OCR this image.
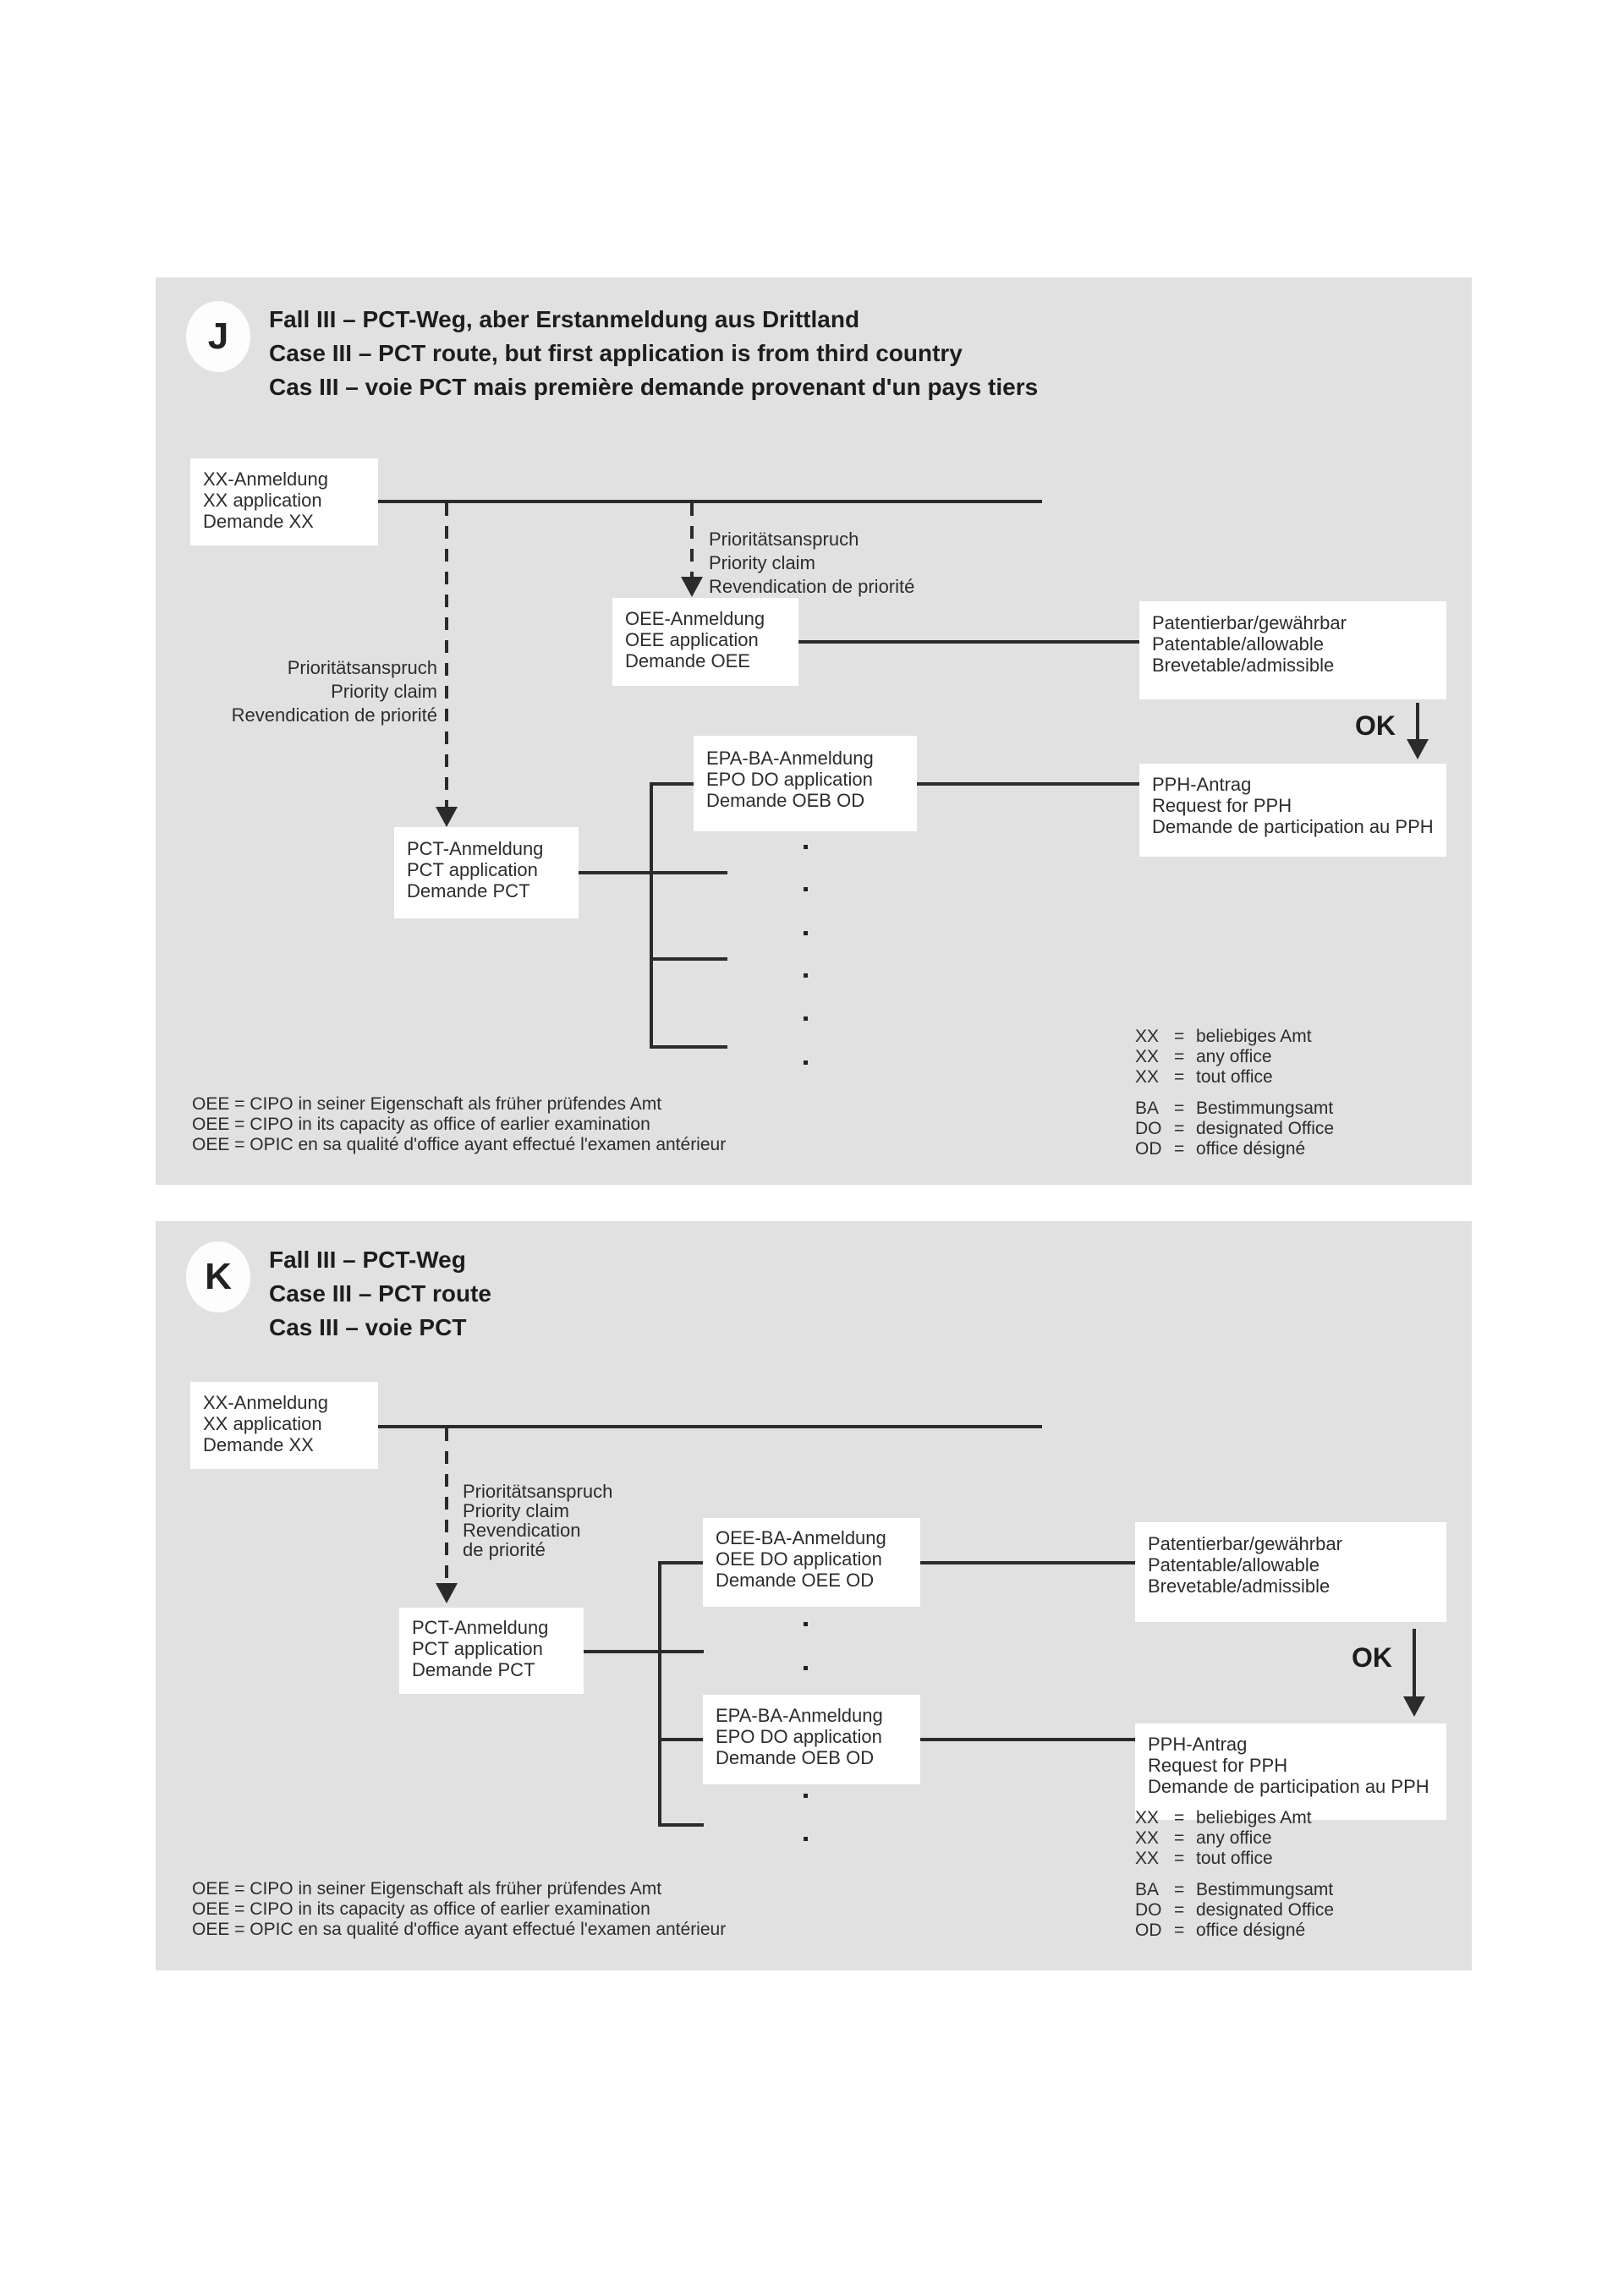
J Fall III – PCT-Weg, aber Erstanmeldung aus Drittland
Case III – PCT route, but first application is from third country
Cas III – voie PCT mais première demande provenant d'un pays tiers
XX-Anmeldung
XX application
Demande XX
Prioritätsanspruch
Priority claim
Revendication de priorité
Prioritätsanspruch
Priority claim
Revendication de priorité
OEE-Anmeldung
OEE application
Demande OEE
Patentierbar/gewährbar
Patentable/allowable
Brevetable/admissible
OK
PPH-Antrag
Request for PPH
Demande de participation au PPH
EPA-BA-Anmeldung
EPO DO application
Demande OEB OD
PCT-Anmeldung
PCT application
Demande PCT
OEE = CIPO in seiner Eigenschaft als früher prüfendes Amt
OEE = CIPO in its capacity as office of earlier examination
OEE = OPIC en sa qualité d'office ayant effectué l'examen antérieur
XX = beliebiges Amt
XX = any office
XX = tout office
BA = Bestimmungsamt
DO = designated Office
OD = office désigné
K Fall III – PCT-Weg
Case III – PCT route
Cas III – voie PCT
XX-Anmeldung
XX application
Demande XX
Prioritätsanspruch
Priority claim
Revendication
de priorité
PCT-Anmeldung
PCT application
Demande PCT
OEE-BA-Anmeldung
OEE DO application
Demande OEE OD
Patentierbar/gewährbar
Patentable/allowable
Brevetable/admissible
OK
PPH-Antrag
Request for PPH
Demande de participation au PPH
EPA-BA-Anmeldung
EPO DO application
Demande OEB OD
OEE = CIPO in seiner Eigenschaft als früher prüfendes Amt
OEE = CIPO in its capacity as office of earlier examination
OEE = OPIC en sa qualité d'office ayant effectué l'examen antérieur
XX = beliebiges Amt
XX = any office
XX = tout office
BA = Bestimmungsamt
DO = designated Office
OD = office désigné
